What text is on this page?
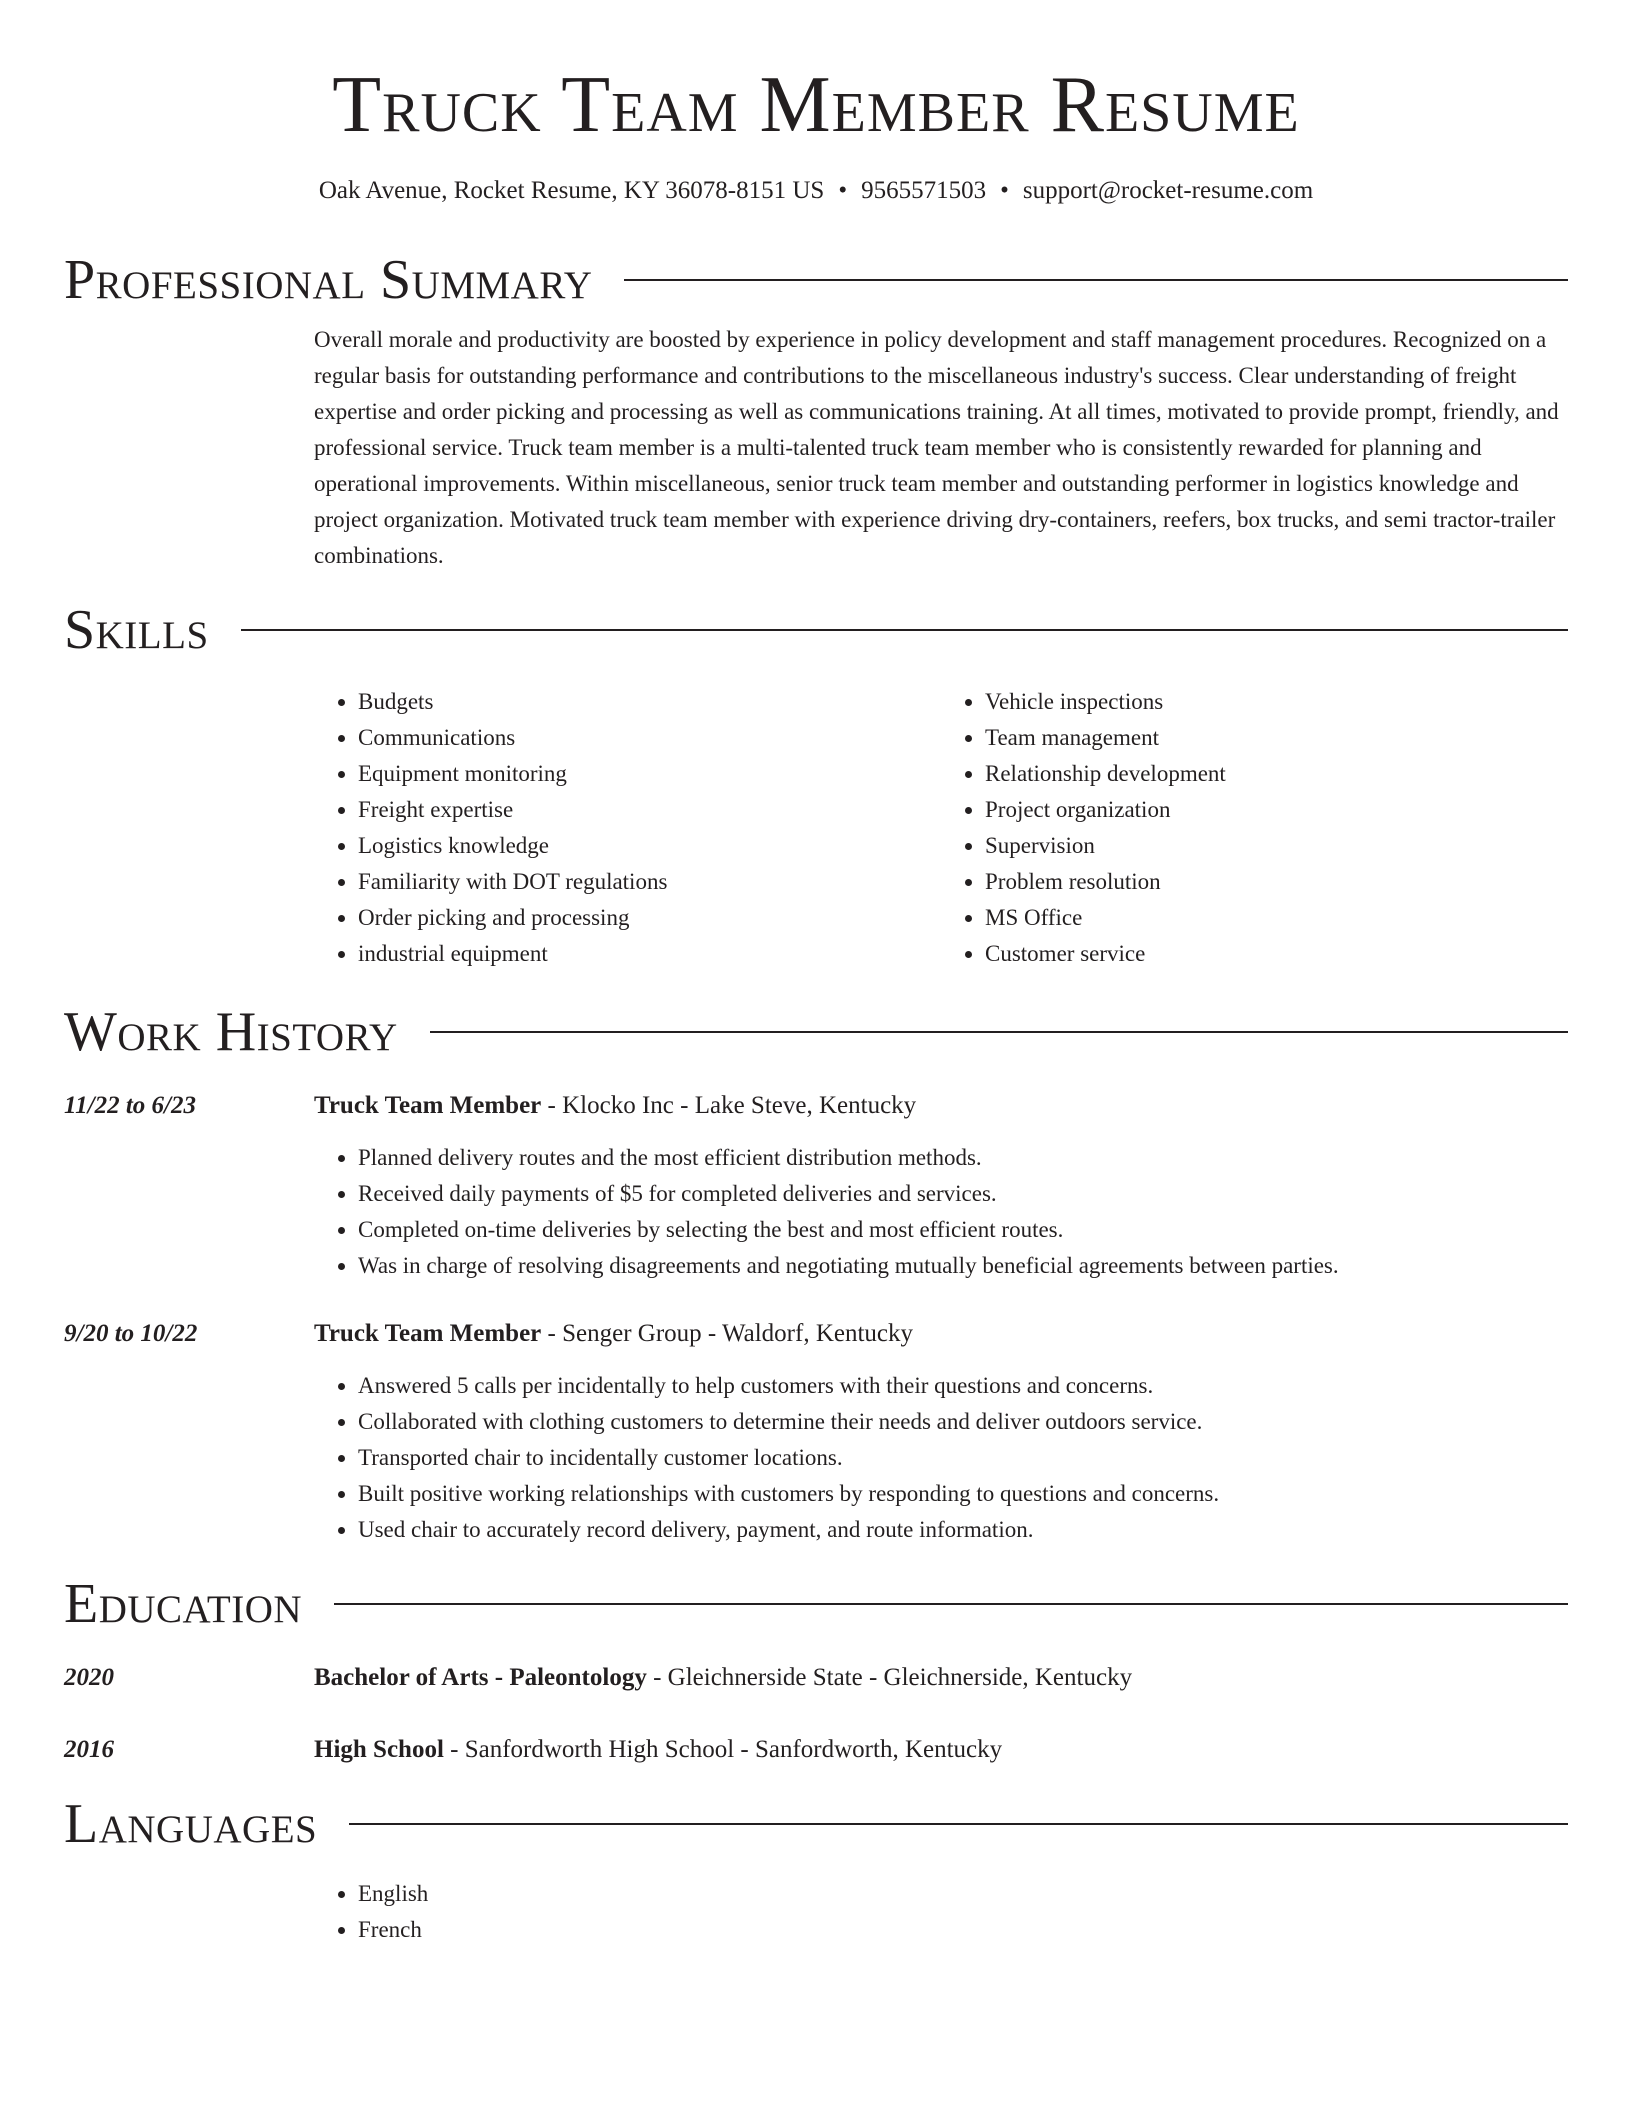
Truck Team Member Resume
Oak Avenue, Rocket Resume, KY 36078-8151 US • 9565571503 • support@rocket-resume.com
Professional Summary

Overall morale and productivity are boosted by experience in policy development and staff management procedures. Recognized on a regular basis for outstanding performance and contributions to the miscellaneous industry's success. Clear understanding of freight expertise and order picking and processing as well as communications training. At all times, motivated to provide prompt, friendly, and professional service. Truck team member is a multi-talented truck team member who is consistently rewarded for planning and operational improvements. Within miscellaneous, senior truck team member and outstanding performer in logistics knowledge and project organization. Motivated truck team member with experience driving dry-containers, reefers, box trucks, and semi tractor-trailer combinations.

Skills
• Budgets
• Communications
• Equipment monitoring
• Freight expertise
• Logistics knowledge
• Familiarity with DOT regulations
• Order picking and processing
• industrial equipment
• Vehicle inspections
• Team management
• Relationship development
• Project organization
• Supervision
• Problem resolution
• MS Office
• Customer service
Work History
11/22 to 6/23	Truck Team Member - Klocko Inc - Lake Steve, Kentucky
• Planned delivery routes and the most efficient distribution methods.
• Received daily payments of $5 for completed deliveries and services.
• Completed on-time deliveries by selecting the best and most efficient routes.
• Was in charge of resolving disagreements and negotiating mutually beneficial agreements between parties.
9/20 to 10/22	Truck Team Member - Senger Group - Waldorf, Kentucky
• Answered 5 calls per incidentally to help customers with their questions and concerns.
• Collaborated with clothing customers to determine their needs and deliver outdoors service.
• Transported chair to incidentally customer locations.
• Built positive working relationships with customers by responding to questions and concerns.
• Used chair to accurately record delivery, payment, and route information.
Education
2020	Bachelor of Arts - Paleontology - Gleichnerside State - Gleichnerside, Kentucky
2016	High School - Sanfordworth High School - Sanfordworth, Kentucky
Languages
• English
• French
